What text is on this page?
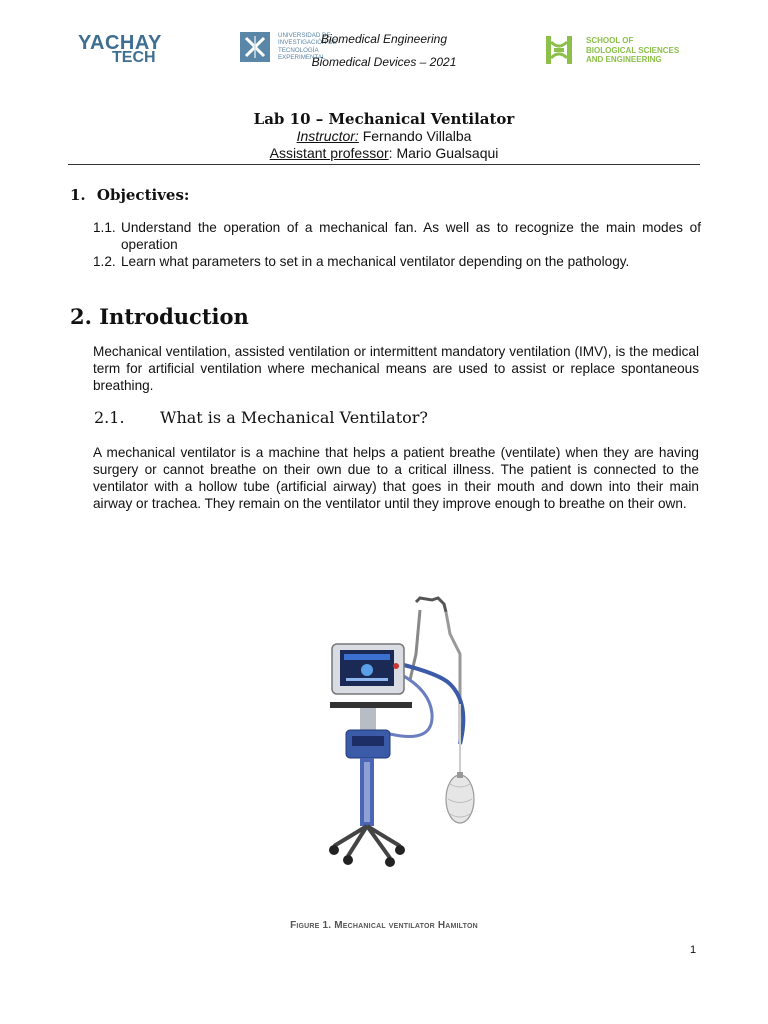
YACHAY
TECH
UNIVERSIDAD DE INVESTIGACIÓN DE TECNOLOGÍA EXPERIMENTAL
Biomedical Engineering
Biomedical Devices – 2021
SCHOOL OF
BIOLOGICAL SCIENCES
AND ENGINEERING
Lab 10 – Mechanical Ventilator
Instructor: Fernando Villalba
Assistant professor: Mario Gualsaqui
1. Objectives:
1.1. Understand the operation of a mechanical fan. As well as to recognize the main modes of operation
1.2. Learn what parameters to set in a mechanical ventilator depending on the pathology.
2. Introduction
Mechanical ventilation, assisted ventilation or intermittent mandatory ventilation (IMV), is the medical term for artificial ventilation where mechanical means are used to assist or replace spontaneous breathing.
2.1. What is a Mechanical Ventilator?
A mechanical ventilator is a machine that helps a patient breathe (ventilate) when they are having surgery or cannot breathe on their own due to a critical illness. The patient is connected to the ventilator with a hollow tube (artificial airway) that goes in their mouth and down into their main airway or trachea. They remain on the ventilator until they improve enough to breathe on their own.
Figure 1. Mechanical ventilator Hamilton
1
